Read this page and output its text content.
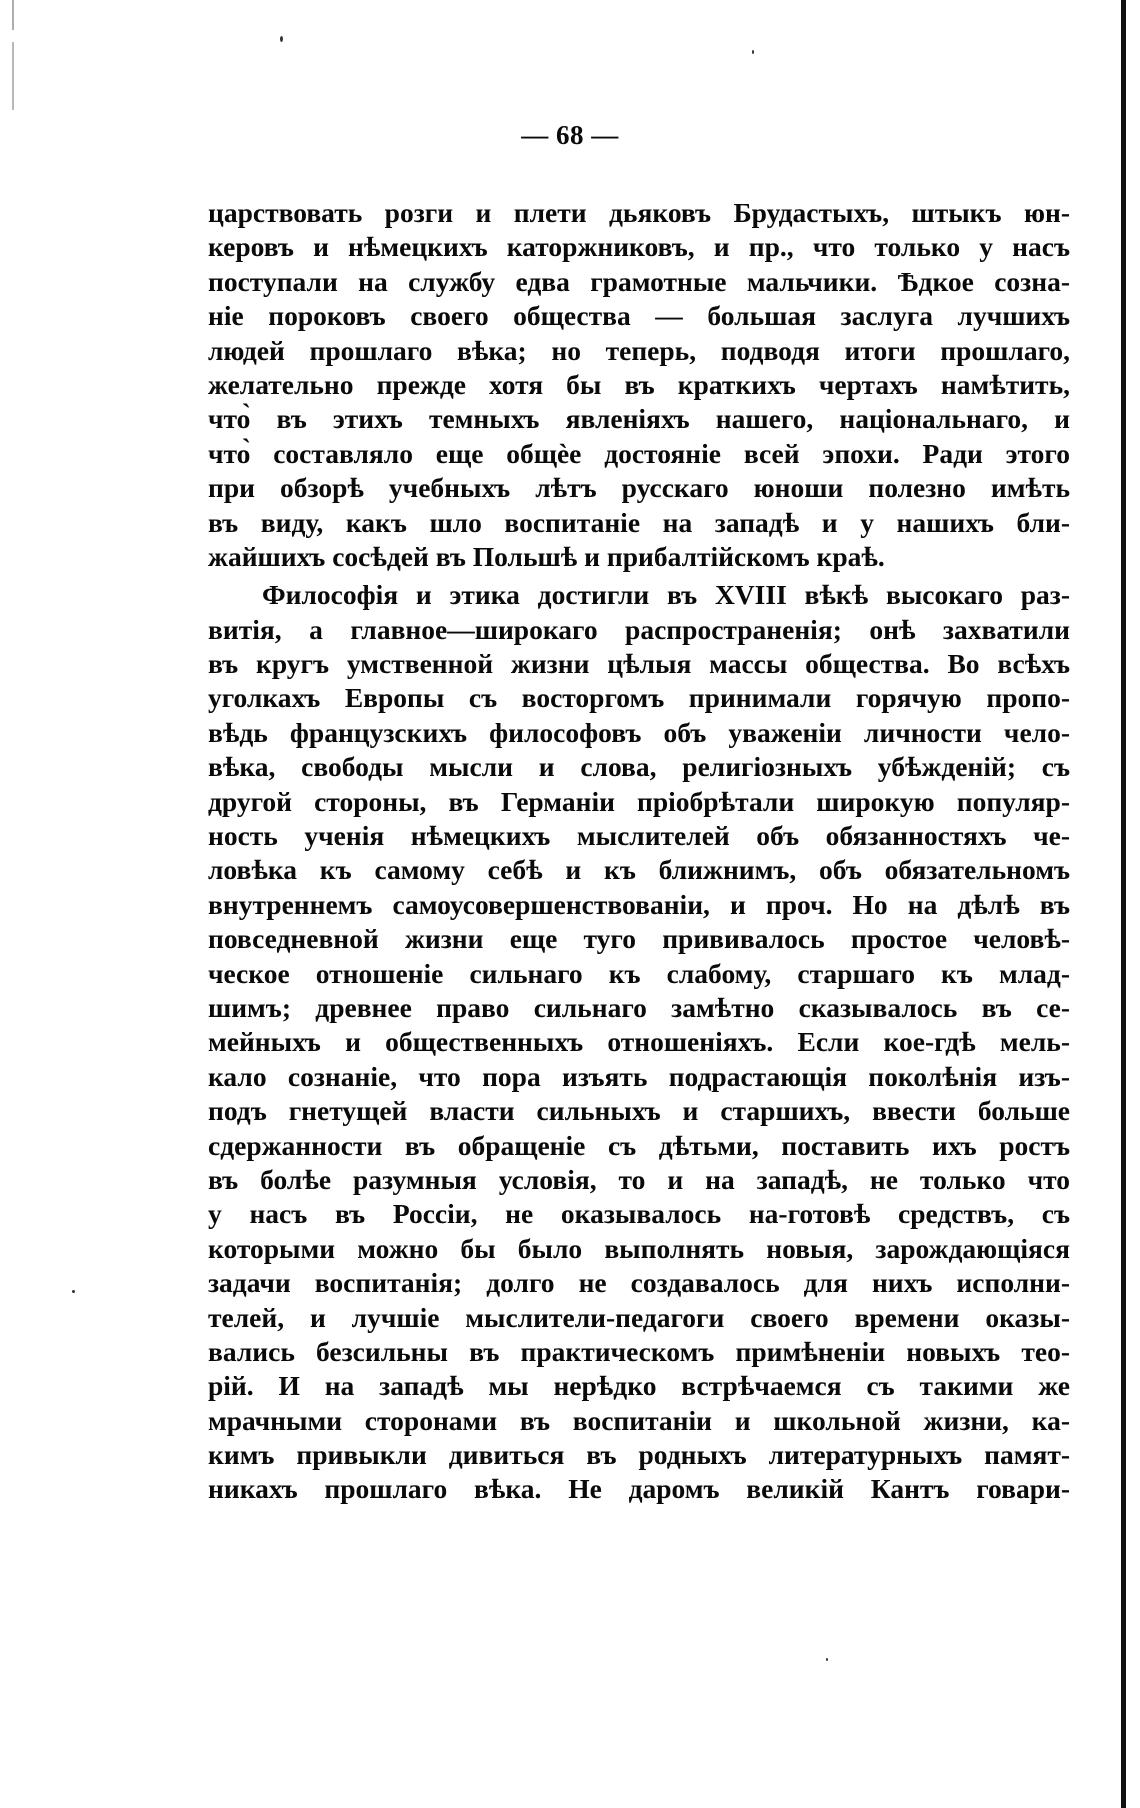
— 68 —
царствовать розги и плети дьяковъ Брудастыхъ, штыкъ юн-
керовъ и нѣмецкихъ каторжниковъ, и пр., что только у насъ
поступали на службу едва грамотные мальчики. Ѣдкое созна-
ніе пороковъ своего общества — большая заслуга лучшихъ
людей прошлаго вѣка; но теперь, подводя итоги прошлаго,
желательно прежде хотя бы въ краткихъ чертахъ намѣтить,
что̀ въ этихъ темныхъ явленіяхъ нашего, національнаго, и
что̀ составляло еще общѐе достояніе всей эпохи. Ради этого
при обзорѣ учебныхъ лѣтъ русскаго юноши полезно имѣть
въ виду, какъ шло воспитаніе на западѣ и у нашихъ бли-
жайшихъ сосѣдей въ Польшѣ и прибалтійскомъ краѣ.
Философія и этика достигли въ XVIII вѣкѣ высокаго раз-
витія, а главное—широкаго распространенія; онѣ захватили
въ кругъ умственной жизни цѣлыя массы общества. Во всѣхъ
уголкахъ Европы съ восторгомъ принимали горячую пропо-
вѣдь французскихъ философовъ объ уваженіи личности чело-
вѣка, свободы мысли и слова, религіозныхъ убѣжденій; съ
другой стороны, въ Германіи пріобрѣтали широкую популяр-
ность ученія нѣмецкихъ мыслителей объ обязанностяхъ че-
ловѣка къ самому себѣ и къ ближнимъ, объ обязательномъ
внутреннемъ самоусовершенствованіи, и проч. Но на дѣлѣ въ
повседневной жизни еще туго прививалось простое человѣ-
ческое отношеніе сильнаго къ слабому, старшаго къ млад-
шимъ; древнее право сильнаго замѣтно сказывалось въ се-
мейныхъ и общественныхъ отношеніяхъ. Если кое-гдѣ мель-
кало сознаніе, что пора изъять подрастающія поколѣнія изъ-
подъ гнетущей власти сильныхъ и старшихъ, ввести больше
сдержанности въ обращеніе съ дѣтьми, поставить ихъ ростъ
въ болѣе разумныя условія, то и на западѣ, не только что
у насъ въ Россіи, не оказывалось на-готовѣ средствъ, съ
которыми можно бы было выполнять новыя, зарождающіяся
задачи воспитанія; долго не создавалось для нихъ исполни-
телей, и лучшіе мыслители-педагоги своего времени оказы-
вались безсильны въ практическомъ примѣненіи новыхъ тео-
рій. И на западѣ мы нерѣдко встрѣчаемся съ такими же
мрачными сторонами въ воспитаніи и школьной жизни, ка-
кимъ привыкли дивиться въ родныхъ литературныхъ памят-
никахъ прошлаго вѣка. Не даромъ великій Кантъ говари-
